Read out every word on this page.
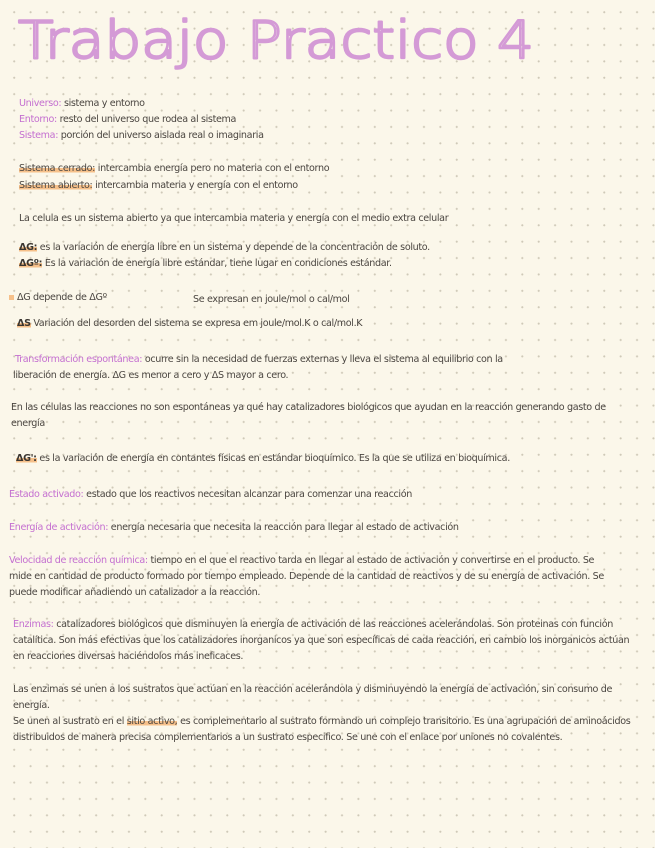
Trabajo Practico 4
Universo: sistema y entorno
Entorno: resto del universo que rodea al sistema
Sistema: porción del universo aislada real o imaginaria
Sistema cerrado: intercambia energía pero no materia con el entorno
Sistema abierto: intercambia materia y energía con el entorno
La celula es un sistema abierto ya que intercambia materia y energía con el medio extra celular
ΔG: es la variación de energía libre en un sistema y depende de la concentración de soluto.
ΔGº: Es la variación de energía libre estándar, tiene lugar en condiciones estándar.
ΔG depende de ΔGº	Se expresan en joule/mol o cal/mol
ΔS Variación del desorden del sistema se expresa em joule/mol.K o cal/mol.K
Transformación espontánea: ocurre sin la necesidad de fuerzas externas y lleva el sistema al equilibrio con la
liberación de energía. ΔG es menor a cero y ΔS mayor a cero.
En las células las reacciones no son espontáneas ya qué hay catalizadores biológicos que ayudan en la reacción generando gasto de
energía
ΔG': es la variación de energía en contantes físicas en estándar bioquímico. Es la que se utiliza en bioquímica.
Estado activado: estado que los reactivos necesitan alcanzar para comenzar una reacción
Energía de activación: energía necesaria que necesita la reacción para llegar al estado de activación
Velocidad de reacción química: tiempo en el que el reactivo tarda en llegar al estado de activación y convertirse en el producto. Se
mide en cantidad de producto formado por tiempo empleado. Depende de la cantidad de reactivos y de su energía de activación. Se
puede modificar añadiendo un catalizador a la reacción.
Enzimas: catalizadores biológicos que disminuyen la energía de activación de las reacciones acelerándolas. Son proteinas con función
catalítica. Son más efectivas que los catalizadores inorganicos ya que son específicas de cada reacción, en cambio los inorganicos actúan
en reacciones diversas haciéndolos más ineficaces.
Las enzimas se unen a los sustratos que actúan en la reacción acelerándola y disminuyendo la energía de activación, sin consumo de
energía.
Se unen al sustrato en el sitio activo, es complementario al sustrato formando un complejo transitorio. Es una agrupación de aminoácidos
distribuidos de manera precisa complementarios a un sustrato especifico. Se une con el enlace por uniones no covalentes.
